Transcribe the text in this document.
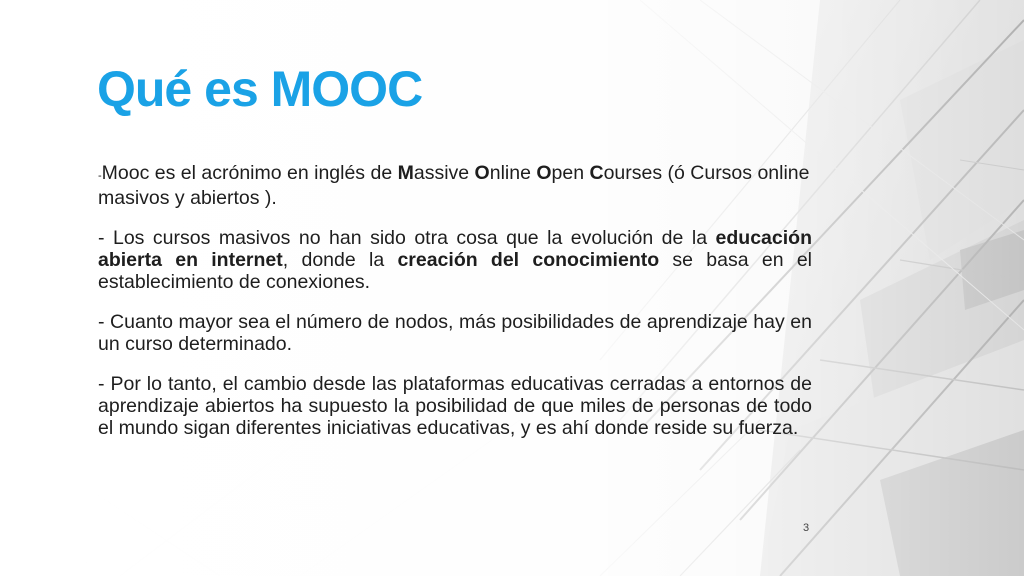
Qué es MOOC

-Mooc es el acrónimo en inglés de Massive Online Open Courses (ó Cursos online masivos y abiertos ).

- Los cursos masivos no han sido otra cosa que la evolución de la educación abierta en internet, donde la creación del conocimiento se basa en el establecimiento de conexiones.

- Cuanto mayor sea el número de nodos, más posibilidades de aprendizaje hay en un curso determinado.

- Por lo tanto, el cambio desde las plataformas educativas cerradas a entornos de aprendizaje abiertos ha supuesto la posibilidad de que miles de personas de todo el mundo sigan diferentes iniciativas educativas, y es ahí donde reside su fuerza.

3
